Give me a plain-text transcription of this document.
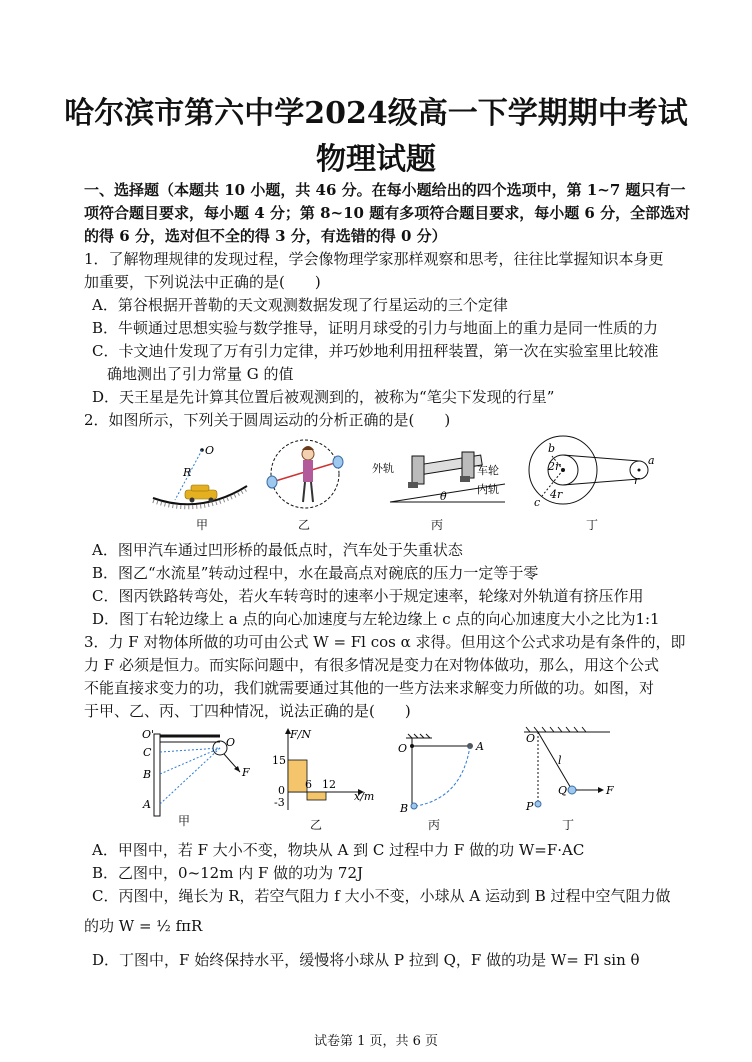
哈尔滨市第六中学2024级高一下学期期中考试
物理试题
一、选择题（本题共 10 小题，共 46 分。在每小题给出的四个选项中，第 1~7 题只有一
项符合题目要求，每小题 4 分；第 8~10 题有多项符合题目要求，每小题 6 分，全部选对
的得 6 分，选对但不全的得 3 分，有选错的得 0 分）
1．了解物理规律的发现过程，学会像物理学家那样观察和思考，往往比掌握知识本身更
加重要，下列说法中正确的是(　　)
A．第谷根据开普勒的天文观测数据发现了行星运动的三个定律
B．牛顿通过思想实验与数学推导，证明月球受的引力与地面上的重力是同一性质的力
C．卡文迪什发现了万有引力定律，并巧妙地利用扭秤装置，第一次在实验室里比较准
　确地测出了引力常量 G 的值
D．天王星是先计算其位置后被观测到的，被称为“笔尖下发现的行星”
2．如图所示，下列关于圆周运动的分析正确的是(　　)
O
R
甲	乙
外轨	车轮
内轨
θ
丙
b
2r
4r
c
a
r
丁
A．图甲汽车通过凹形桥的最低点时，汽车处于失重状态
B．图乙“水流星”转动过程中，水在最高点对碗底的压力一定等于零
C．图丙铁路转弯处，若火车转弯时的速率小于规定速率，轮缘对外轨道有挤压作用
D．图丁右轮边缘上 a 点的向心加速度与左轮边缘上 c 点的向心加速度大小之比为1:1
3．力 F 对物体所做的功可由公式 W = Fl cos α 求得。但用这个公式求功是有条件的，即
力 F 必须是恒力。而实际问题中，有很多情况是变力在对物体做功，那么，用这个公式
不能直接求变力的功，我们就需要通过其他的一些方法来求解变力所做的功。如图，对
于甲、乙、丙、丁四种情况，说法正确的是(　　)
O'
C
B
A
O
F
甲
F/N
15
0
-3
6 12
x/m
乙
O	A
B
丙
O
l
Q
P
F
丁
A．甲图中，若 F 大小不变，物块从 A 到 C 过程中力 F 做的功 W=F·AC
B．乙图中，0~12m 内 F 做的功为 72J
C．丙图中，绳长为 R，若空气阻力 f 大小不变，小球从 A 运动到 B 过程中空气阻力做
的功 W = ½ fπR
D．丁图中，F 始终保持水平，缓慢将小球从 P 拉到 Q，F 做的功是 W= Fl sin θ
试卷第 1 页，共 6 页
